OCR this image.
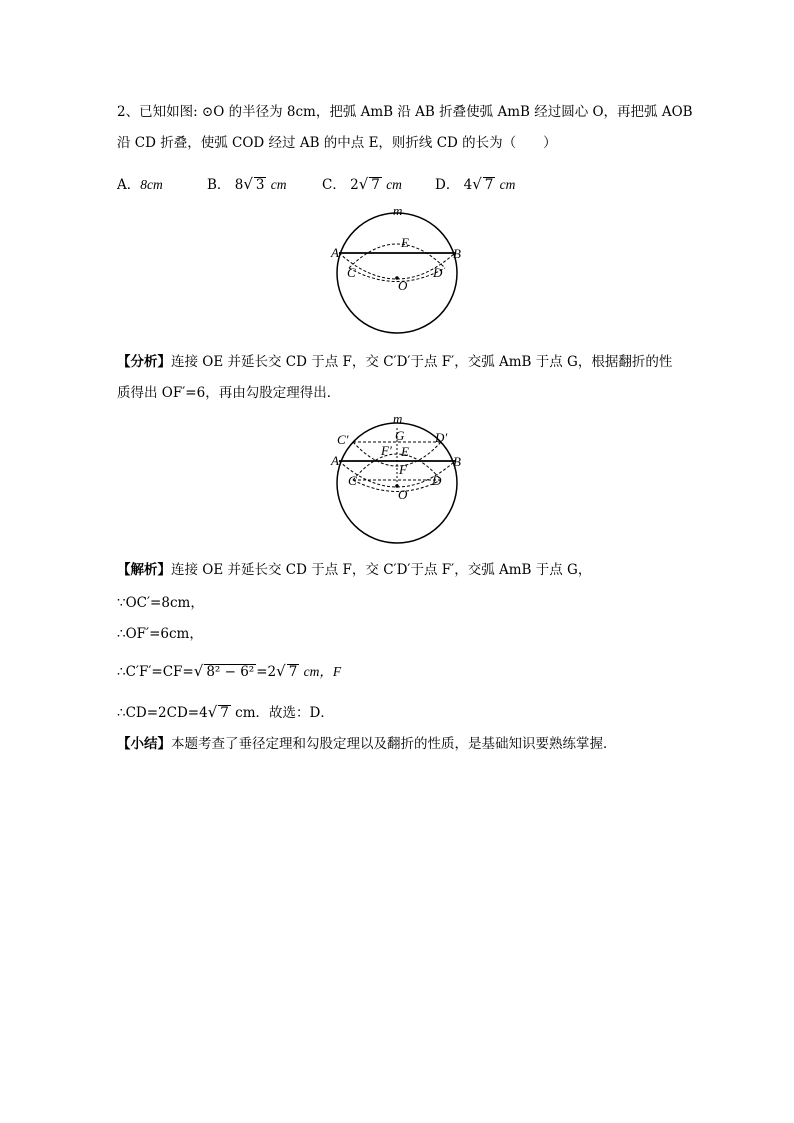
2、已知如图: ⊙O 的半径为 8cm，把弧 AmB 沿 AB 折叠使弧 AmB 经过圆心 O，再把弧 AOB
沿 CD 折叠，使弧 COD 经过 AB 的中点 E，则折线 CD 的长为（　　）
A．8cm	B． 8√ 3 cm	C． 2√ 7 cm D． 4√ 7 cm
m
A
E
B
C	D
O
【分析】连接 OE 并延长交 CD 于点 F，交 C′D′于点 F′，交弧 AmB 于点 G，根据翻折的性
质得出 OF′=6，再由勾股定理得出．
m
C′	G D′
F′ E
A	B
F
C	D
O
【解析】连接 OE 并延长交 CD 于点 F，交 C′D′于点 F′，交弧 AmB 于点 G，
∵OC′=8cm，
∴OF′=6cm，
∴C′F′=CF=√ 8² − 6² =2√ 7 cm，F
∴CD=2CD=4√ 7 cm．故选：D．
【小结】本题考查了垂径定理和勾股定理以及翻折的性质，是基础知识要熟练掌握．
